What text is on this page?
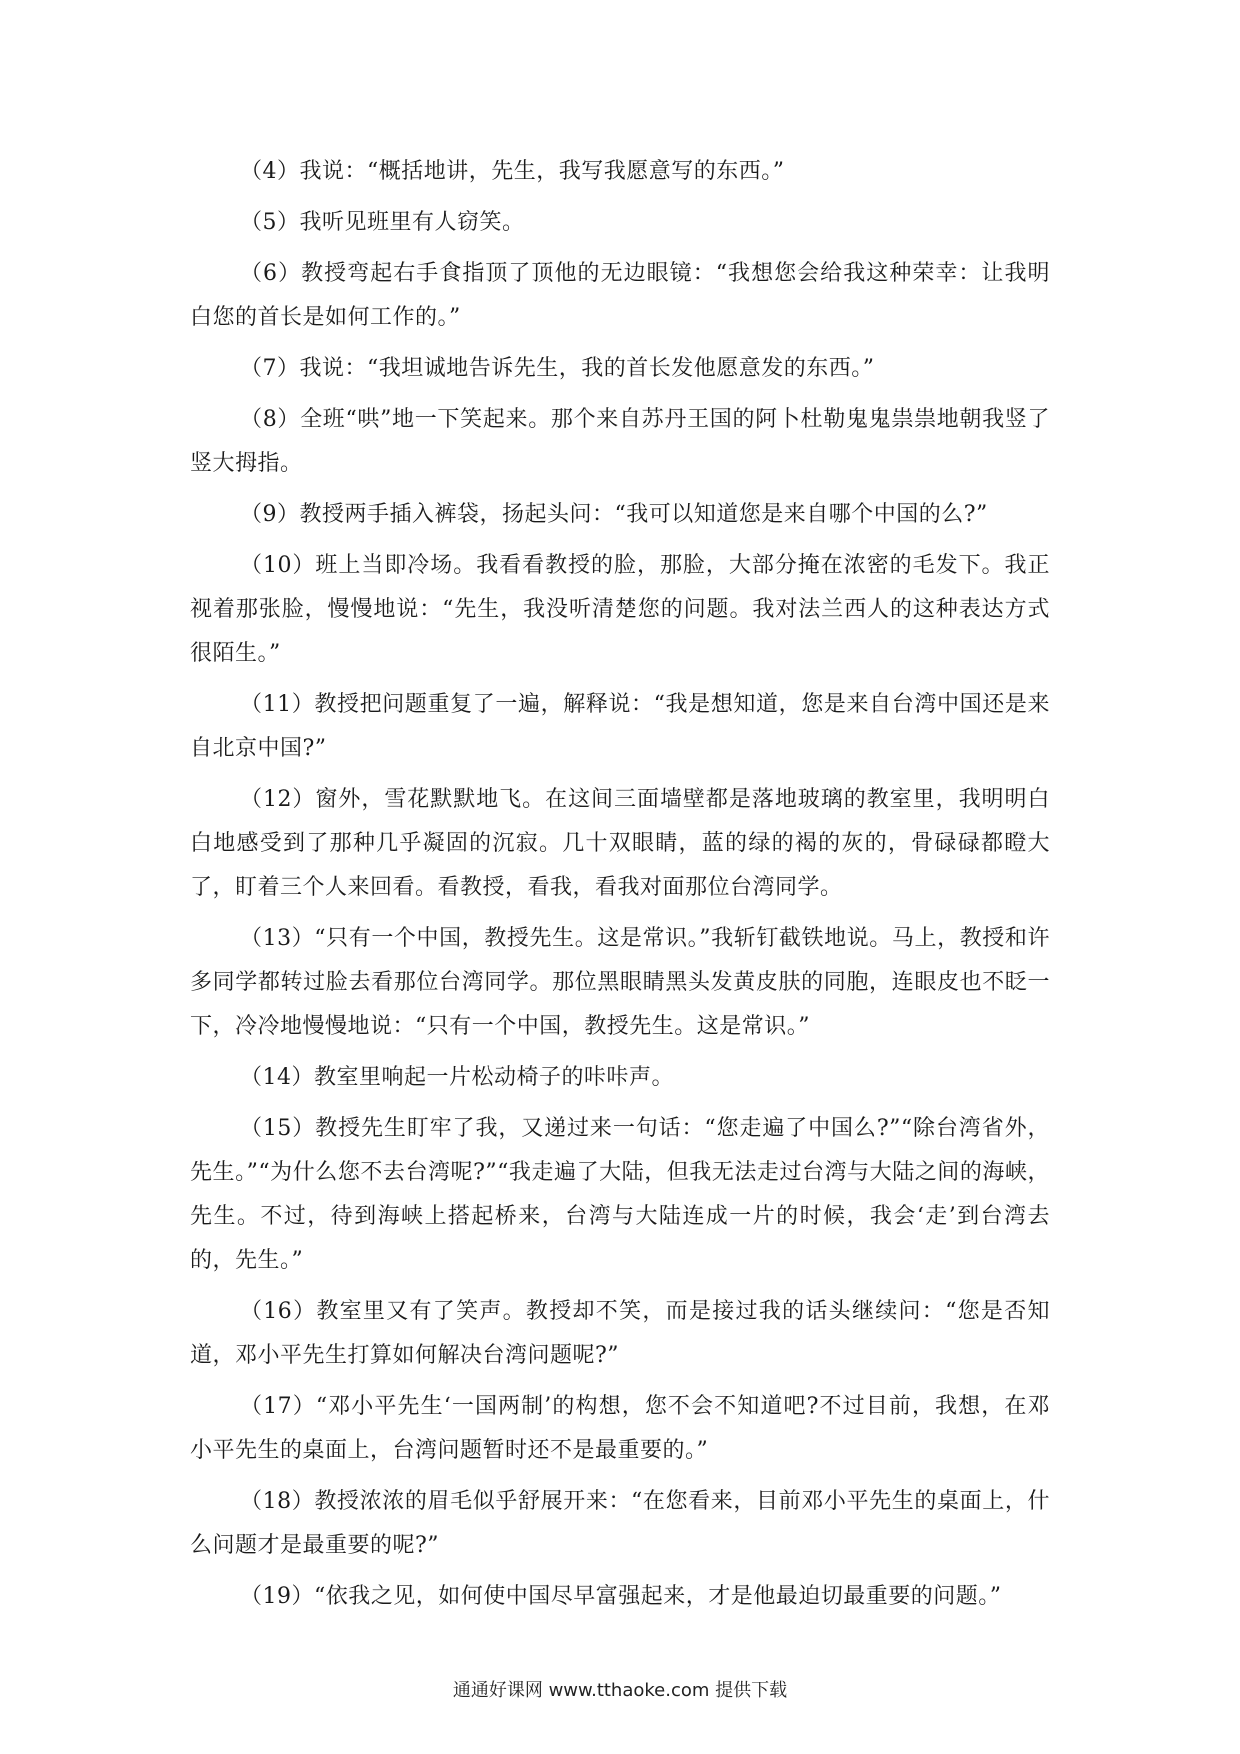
（4）我说：“概括地讲，先生，我写我愿意写的东西。”

（5）我听见班里有人窃笑。

（6）教授弯起右手食指顶了顶他的无边眼镜：“我想您会给我这种荣幸：让我明白您的首长是如何工作的。”

（7）我说：“我坦诚地告诉先生，我的首长发他愿意发的东西。”

（8）全班“哄”地一下笑起来。那个来自苏丹王国的阿卜杜勒鬼鬼祟祟地朝我竖了竖大拇指。

（9）教授两手插入裤袋，扬起头问：“我可以知道您是来自哪个中国的么?”

（10）班上当即冷场。我看看教授的脸，那脸，大部分掩在浓密的毛发下。我正视着那张脸，慢慢地说：“先生，我没听清楚您的问题。我对法兰西人的这种表达方式很陌生。”

（11）教授把问题重复了一遍，解释说：“我是想知道，您是来自台湾中国还是来自北京中国?”

（12）窗外，雪花默默地飞。在这间三面墙壁都是落地玻璃的教室里，我明明白白地感受到了那种几乎凝固的沉寂。几十双眼睛，蓝的绿的褐的灰的，骨碌碌都瞪大了，盯着三个人来回看。看教授，看我，看我对面那位台湾同学。

（13）“只有一个中国，教授先生。这是常识。”我斩钉截铁地说。马上，教授和许多同学都转过脸去看那位台湾同学。那位黑眼睛黑头发黄皮肤的同胞，连眼皮也不眨一下，冷冷地慢慢地说：“只有一个中国，教授先生。这是常识。”

（14）教室里响起一片松动椅子的咔咔声。

（15）教授先生盯牢了我，又递过来一句话：“您走遍了中国么?”“除台湾省外，先生。”“为什么您不去台湾呢?”“我走遍了大陆，但我无法走过台湾与大陆之间的海峡，先生。不过，待到海峡上搭起桥来，台湾与大陆连成一片的时候，我会‘走’到台湾去的，先生。”

（16）教室里又有了笑声。教授却不笑，而是接过我的话头继续问：“您是否知道，邓小平先生打算如何解决台湾问题呢?”

（17）“邓小平先生‘一国两制’的构想，您不会不知道吧?不过目前，我想，在邓小平先生的桌面上，台湾问题暂时还不是最重要的。”

（18）教授浓浓的眉毛似乎舒展开来：“在您看来，目前邓小平先生的桌面上，什么问题才是最重要的呢?”

（19）“依我之见，如何使中国尽早富强起来，才是他最迫切最重要的问题。”

通通好课网 www.tthaoke.com 提供下载
